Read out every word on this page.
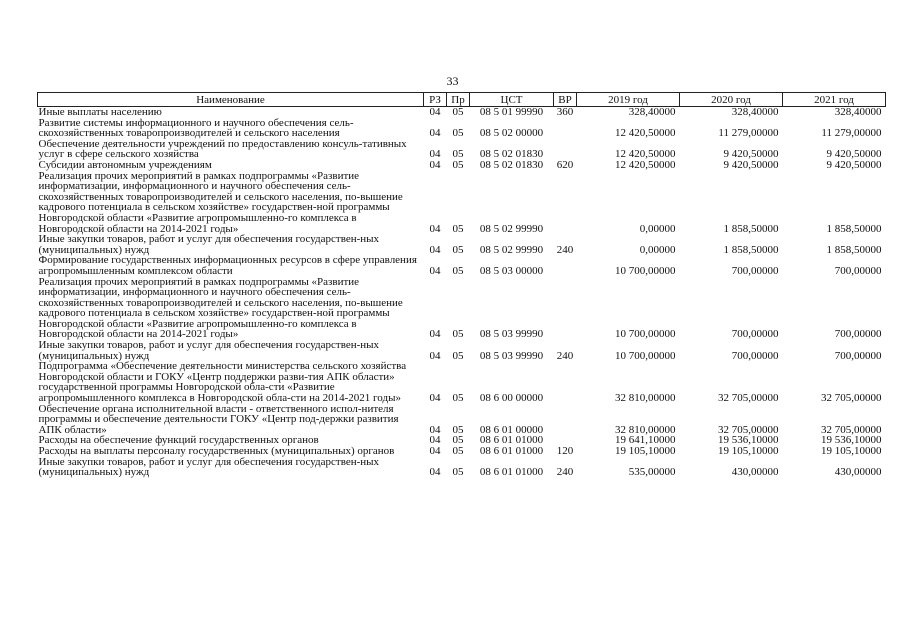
33
Наименование	РЗ	Пр	ЦСТ	ВР	2019 год	2020 год	2021 год
Иные выплаты населению	04	05	08 5 01 99990	360	328,40000	328,40000	328,40000
Развитие системы информационного и научного обеспечения сель-скохозяйственных товаропроизводителей и сельского населения	04	05	08 5 02 00000		12 420,50000	11 279,00000	11 279,00000
Обеспечение деятельности учреждений по предоставлению консуль-тативных услуг в сфере сельского хозяйства	04	05	08 5 02 01830		12 420,50000	9 420,50000	9 420,50000
Субсидии автономным учреждениям	04	05	08 5 02 01830	620	12 420,50000	9 420,50000	9 420,50000
Реализация прочих мероприятий в рамках подпрограммы «Развитие информатизации, информационного и научного обеспечения сель-скохозяйственных товаропроизводителей и сельского населения, по-вышение кадрового потенциала в сельском хозяйстве» государствен-ной программы Новгородской области «Развитие агропромышленно-го комплекса в Новгородской области на 2014-2021 годы»	04	05	08 5 02 99990		0,00000	1 858,50000	1 858,50000
Иные закупки товаров, работ и услуг для обеспечения государствен-ных (муниципальных) нужд	04	05	08 5 02 99990	240	0,00000	1 858,50000	1 858,50000
Формирование государственных информационных ресурсов в сфере управления агропромышленным комплексом области	04	05	08 5 03 00000		10 700,00000	700,00000	700,00000
Реализация прочих мероприятий в рамках подпрограммы «Развитие информатизации, информационного и научного обеспечения сель-скохозяйственных товаропроизводителей и сельского населения, по-вышение кадрового потенциала в сельском хозяйстве» государствен-ной программы Новгородской области «Развитие агропромышленно-го комплекса в Новгородской области на 2014-2021 годы»	04	05	08 5 03 99990		10 700,00000	700,00000	700,00000
Иные закупки товаров, работ и услуг для обеспечения государствен-ных (муниципальных) нужд	04	05	08 5 03 99990	240	10 700,00000	700,00000	700,00000
Подпрограмма «Обеспечение деятельности министерства сельского хозяйства Новгородской области и ГОКУ «Центр поддержки разви-тия АПК области» государственной программы Новгородской обла-сти «Развитие агропромышленного комплекса в Новгородской обла-сти на 2014-2021 годы»	04	05	08 6 00 00000		32 810,00000	32 705,00000	32 705,00000
Обеспечение органа исполнительной власти - ответственного испол-нителя программы и обеспечение деятельности ГОКУ «Центр под-держки развития АПК области»	04	05	08 6 01 00000		32 810,00000	32 705,00000	32 705,00000
Расходы на обеспечение функций государственных органов	04	05	08 6 01 01000		19 641,10000	19 536,10000	19 536,10000
Расходы на выплаты персоналу государственных (муниципальных) органов	04	05	08 6 01 01000	120	19 105,10000	19 105,10000	19 105,10000
Иные закупки товаров, работ и услуг для обеспечения государствен-ных (муниципальных) нужд	04	05	08 6 01 01000	240	535,00000	430,00000	430,00000
